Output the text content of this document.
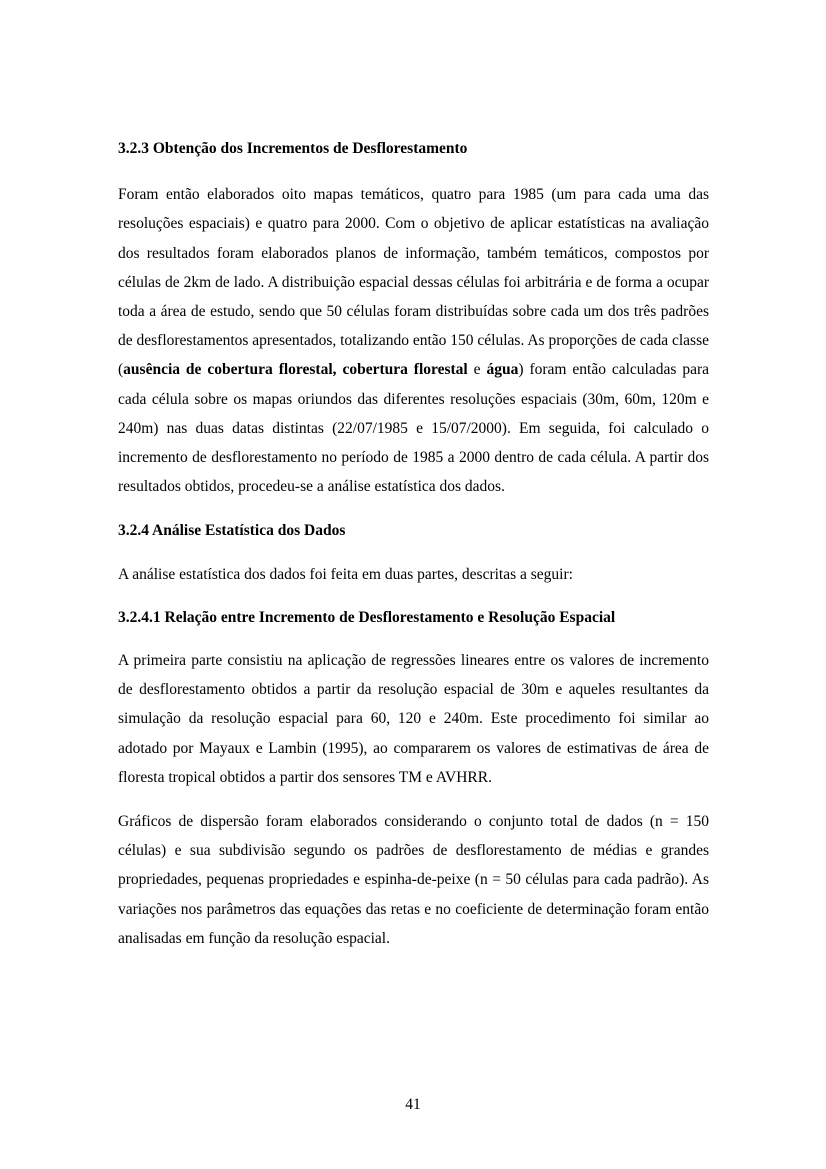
3.2.3 Obtenção dos Incrementos de Desflorestamento

Foram então elaborados oito mapas temáticos, quatro para 1985 (um para cada uma das resoluções espaciais) e quatro para 2000. Com o objetivo de aplicar estatísticas na avaliação dos resultados foram elaborados planos de informação, também temáticos, compostos por células de 2km de lado. A distribuição espacial dessas células foi arbitrária e de forma a ocupar toda a área de estudo, sendo que 50 células foram distribuídas sobre cada um dos três padrões de desflorestamentos apresentados, totalizando então 150 células. As proporções de cada classe (ausência de cobertura florestal, cobertura florestal e água) foram então calculadas para cada célula sobre os mapas oriundos das diferentes resoluções espaciais (30m, 60m, 120m e 240m) nas duas datas distintas (22/07/1985 e 15/07/2000). Em seguida, foi calculado o incremento de desflorestamento no período de 1985 a 2000 dentro de cada célula. A partir dos resultados obtidos, procedeu-se a análise estatística dos dados.

3.2.4 Análise Estatística dos Dados

A análise estatística dos dados foi feita em duas partes, descritas a seguir:

3.2.4.1 Relação entre Incremento de Desflorestamento e Resolução Espacial

A primeira parte consistiu na aplicação de regressões lineares entre os valores de incremento de desflorestamento obtidos a partir da resolução espacial de 30m e aqueles resultantes da simulação da resolução espacial para 60, 120 e 240m. Este procedimento foi similar ao adotado por Mayaux e Lambin (1995), ao compararem os valores de estimativas de área de floresta tropical obtidos a partir dos sensores TM e AVHRR.

Gráficos de dispersão foram elaborados considerando o conjunto total de dados (n = 150 células) e sua subdivisão segundo os padrões de desflorestamento de médias e grandes propriedades, pequenas propriedades e espinha-de-peixe (n = 50 células para cada padrão). As variações nos parâmetros das equações das retas e no coeficiente de determinação foram então analisadas em função da resolução espacial.

41
